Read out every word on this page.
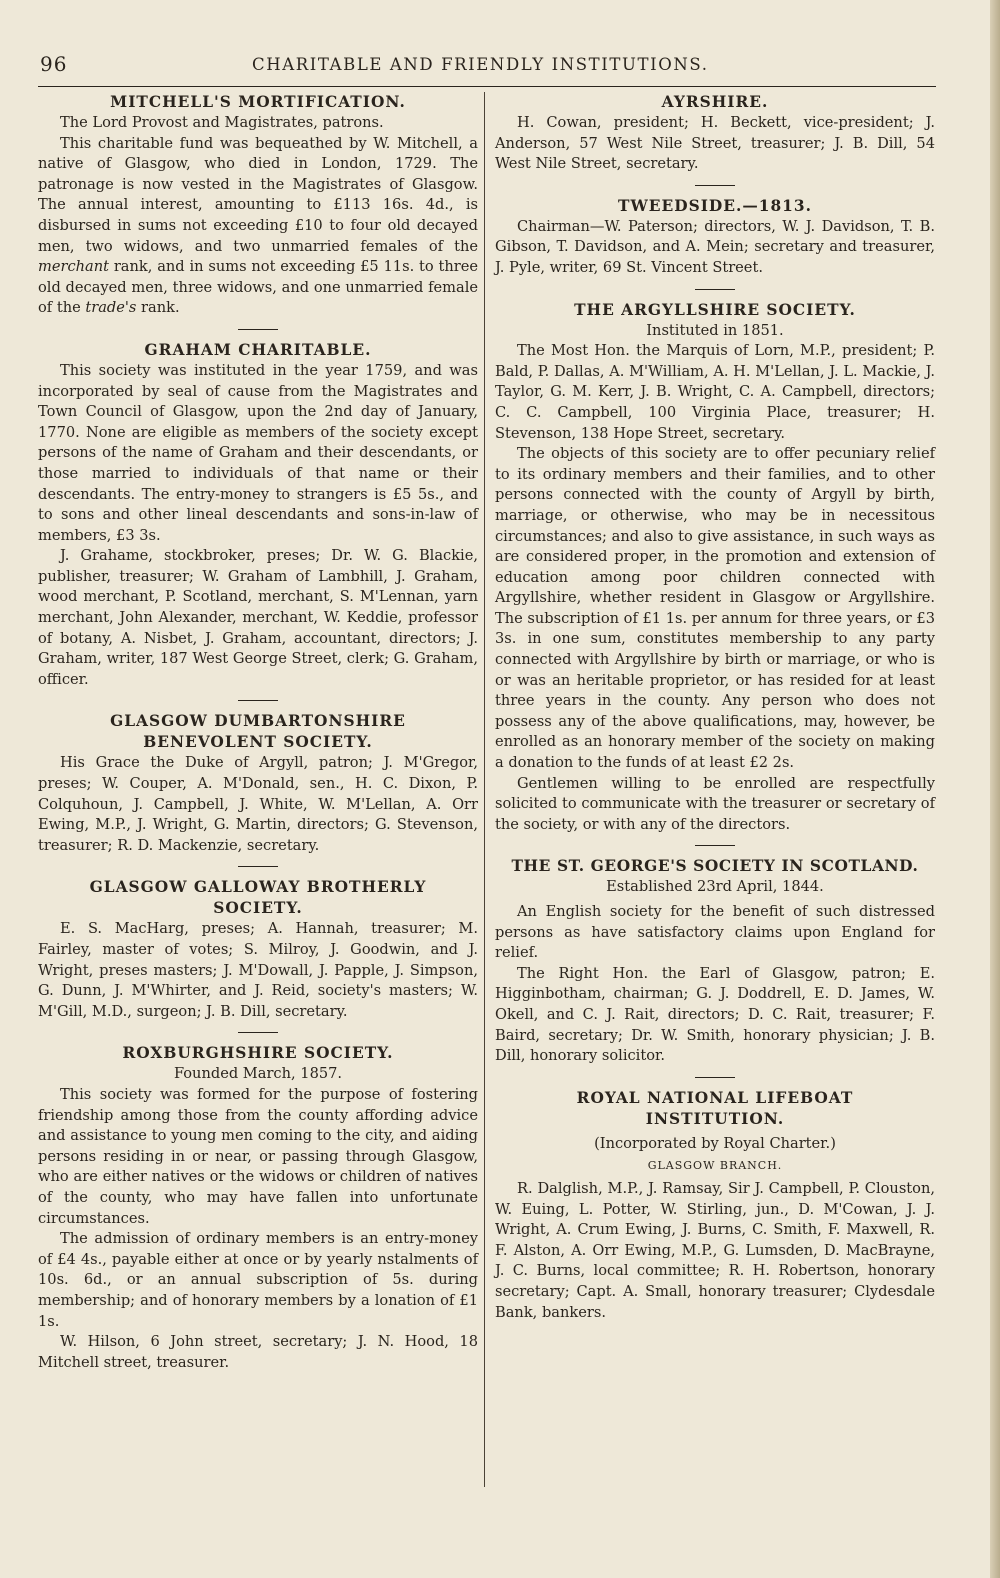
96	CHARITABLE AND FRIENDLY INSTITUTIONS.
MITCHELL'S MORTIFICATION.

The Lord Provost and Magistrates, patrons.

This charitable fund was bequeathed by W. Mitchell, a native of Glasgow, who died in London, 1729. The patronage is now vested in the Magistrates of Glasgow. The annual interest, amounting to £113 16s. 4d., is disbursed in sums not exceeding £10 to four old decayed men, two widows, and two unmarried females of the merchant rank, and in sums not exceeding £5 11s. to three old decayed men, three widows, and one unmarried female of the trade's rank.

GRAHAM CHARITABLE.

This society was instituted in the year 1759, and was incorporated by seal of cause from the Magistrates and Town Council of Glasgow, upon the 2nd day of January, 1770. None are eligible as members of the society except persons of the name of Graham and their descendants, or those married to individuals of that name or their descendants. The entry-money to strangers is £5 5s., and to sons and other lineal descendants and sons-in-law of members, £3 3s.

J. Grahame, stockbroker, preses; Dr. W. G. Blackie, publisher, treasurer; W. Graham of Lambhill, J. Graham, wood merchant, P. Scotland, merchant, S. M'Lennan, yarn merchant, John Alexander, merchant, W. Keddie, professor of botany, A. Nisbet, J. Graham, accountant, directors; J. Graham, writer, 187 West George Street, clerk; G. Graham, officer.

GLASGOW DUMBARTONSHIRE BENEVOLENT SOCIETY.

His Grace the Duke of Argyll, patron; J. M'Gregor, preses; W. Couper, A. M'Donald, sen., H. C. Dixon, P. Colquhoun, J. Campbell, J. White, W. M'Lellan, A. Orr Ewing, M.P., J. Wright, G. Martin, directors; G. Stevenson, treasurer; R. D. Mackenzie, secretary.

GLASGOW GALLOWAY BROTHERLY SOCIETY.

E. S. MacHarg, preses; A. Hannah, treasurer; M. Fairley, master of votes; S. Milroy, J. Goodwin, and J. Wright, preses masters; J. M'Dowall, J. Papple, J. Simpson, G. Dunn, J. M'Whirter, and J. Reid, society's masters; W. M'Gill, M.D., surgeon; J. B. Dill, secretary.

ROXBURGHSHIRE SOCIETY.
Founded March, 1857.

This society was formed for the purpose of fostering friendship among those from the county affording advice and assistance to young men coming to the city, and aiding persons residing in or near, or passing through Glasgow, who are either natives or the widows or children of natives of the county, who may have fallen into unfortunate circumstances.

The admission of ordinary members is an entry-money of £4 4s., payable either at once or by yearly nstalments of 10s. 6d., or an annual subscription of 5s. during membership; and of honorary members by a lonation of £1 1s.

W. Hilson, 6 John street, secretary; J. N. Hood, 18 Mitchell street, treasurer.

AYRSHIRE.

H. Cowan, president; H. Beckett, vice-president; J. Anderson, 57 West Nile Street, treasurer; J. B. Dill, 54 West Nile Street, secretary.

TWEEDSIDE.—1813.

Chairman—W. Paterson; directors, W. J. Davidson, T. B. Gibson, T. Davidson, and A. Mein; secretary and treasurer, J. Pyle, writer, 69 St. Vincent Street.

THE ARGYLLSHIRE SOCIETY.
Instituted in 1851.

The Most Hon. the Marquis of Lorn, M.P., president; P. Bald, P. Dallas, A. M'William, A. H. M'Lellan, J. L. Mackie, J. Taylor, G. M. Kerr, J. B. Wright, C. A. Campbell, directors; C. C. Campbell, 100 Virginia Place, treasurer; H. Stevenson, 138 Hope Street, secretary.

The objects of this society are to offer pecuniary relief to its ordinary members and their families, and to other persons connected with the county of Argyll by birth, marriage, or otherwise, who may be in necessitous circumstances; and also to give assistance, in such ways as are considered proper, in the promotion and extension of education among poor children connected with Argyllshire, whether resident in Glasgow or Argyllshire. The subscription of £1 1s. per annum for three years, or £3 3s. in one sum, constitutes membership to any party connected with Argyllshire by birth or marriage, or who is or was an heritable proprietor, or has resided for at least three years in the county. Any person who does not possess any of the above qualifications, may, however, be enrolled as an honorary member of the society on making a donation to the funds of at least £2 2s.

Gentlemen willing to be enrolled are respectfully solicited to communicate with the treasurer or secretary of the society, or with any of the directors.

THE ST. GEORGE'S SOCIETY IN SCOTLAND.
Established 23rd April, 1844.

An English society for the benefit of such distressed persons as have satisfactory claims upon England for relief.

The Right Hon. the Earl of Glasgow, patron; E. Higginbotham, chairman; G. J. Doddrell, E. D. James, W. Okell, and C. J. Rait, directors; D. C. Rait, treasurer; F. Baird, secretary; Dr. W. Smith, honorary physician; J. B. Dill, honorary solicitor.

ROYAL NATIONAL LIFEBOAT INSTITUTION.
(Incorporated by Royal Charter.)
GLASGOW BRANCH.

R. Dalglish, M.P., J. Ramsay, Sir J. Campbell, P. Clouston, W. Euing, L. Potter, W. Stirling, jun., D. M'Cowan, J. J. Wright, A. Crum Ewing, J. Burns, C. Smith, F. Maxwell, R. F. Alston, A. Orr Ewing, M.P., G. Lumsden, D. MacBrayne, J. C. Burns, local committee; R. H. Robertson, honorary secretary; Capt. A. Small, honorary treasurer; Clydesdale Bank, bankers.
